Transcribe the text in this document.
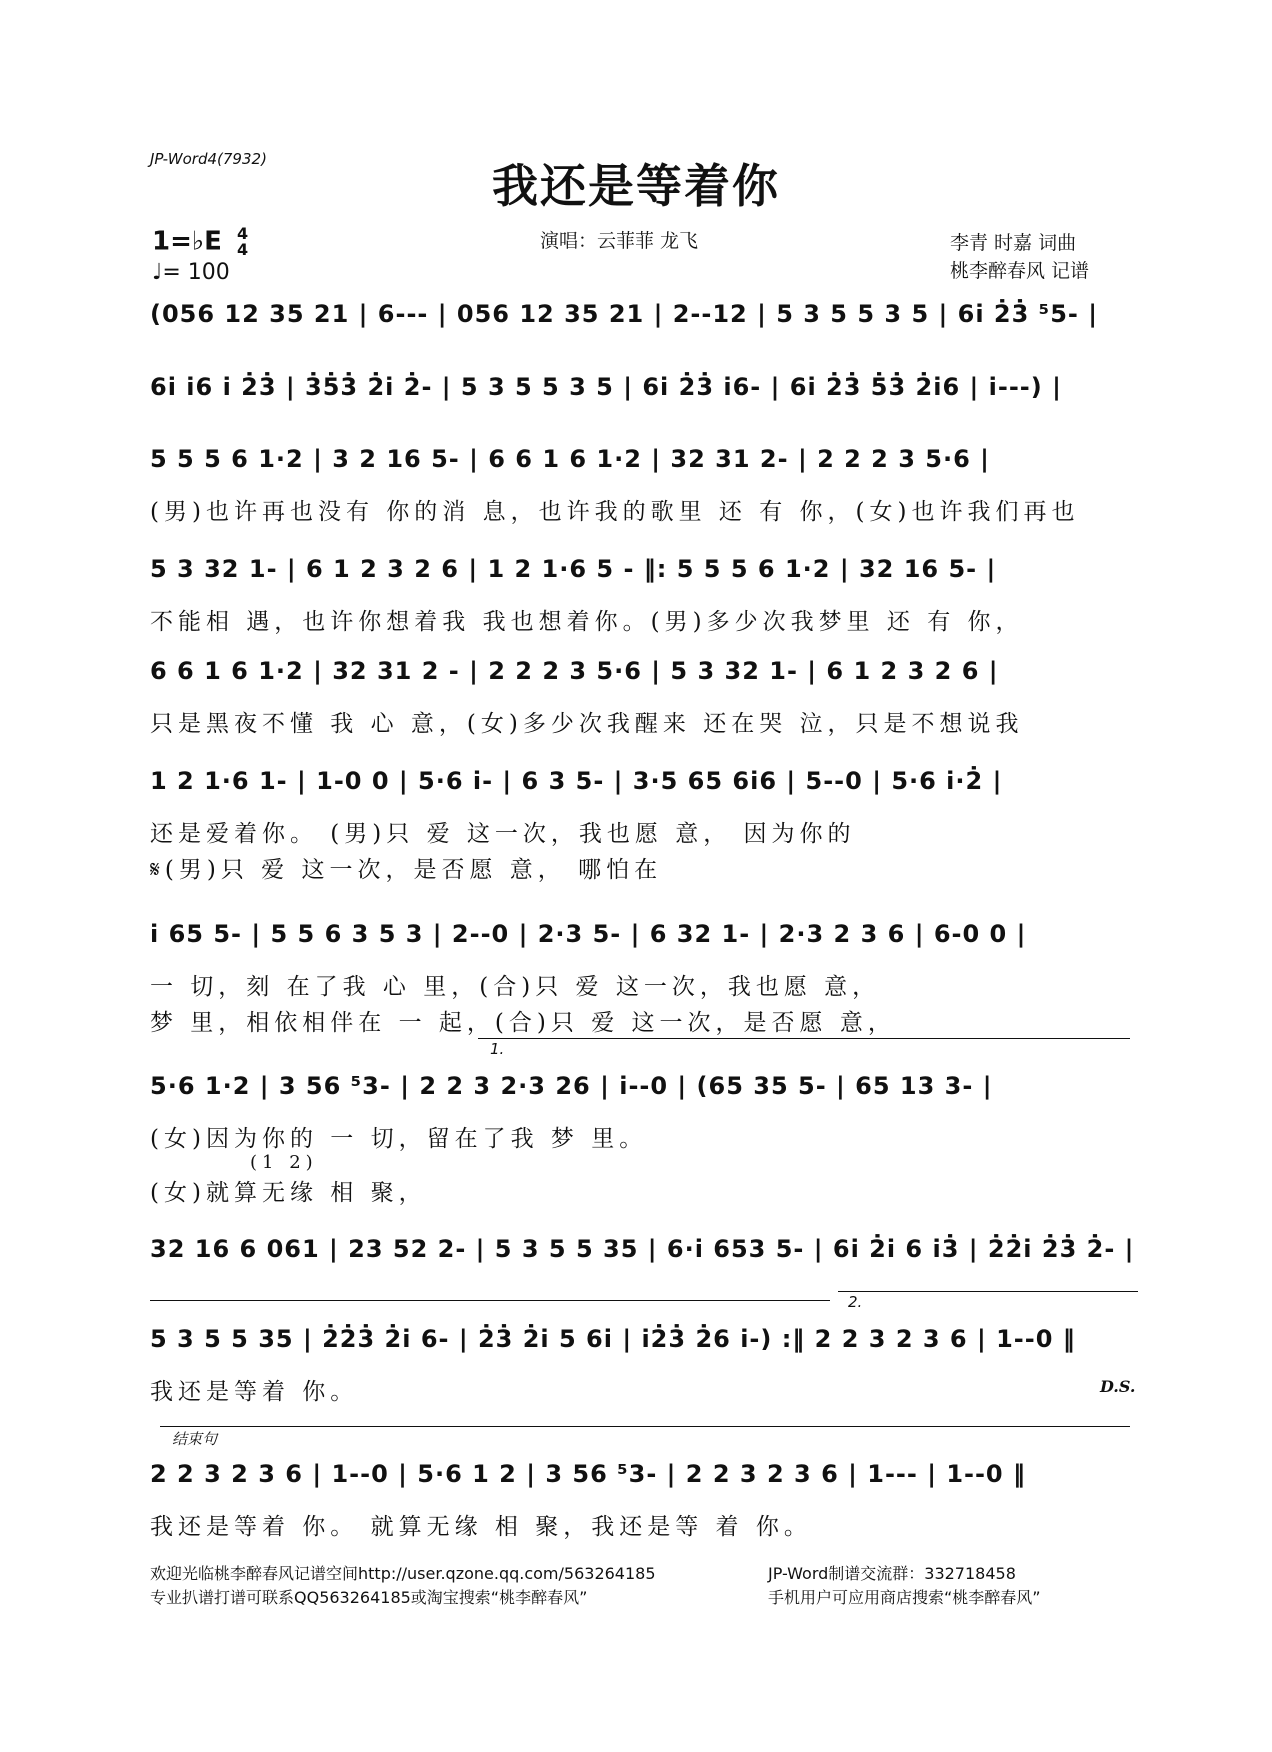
JP-Word4(7932)	我还是等着你
1=♭E 4
4
♩= 100
演唱：云菲菲 龙飞	李青 时嘉 词曲
桃李醉春风 记谱
(056 12 35 21 | 6--- | 056 12 35 21 | 2--12 | 5 3 5 5 3 5 | 6i 2̇3̇ ⁵5- |
6i i6 i 2̇3̇ | 3̇5̇3̇ 2̇i 2̇- | 5 3 5 5 3 5 | 6i 2̇3̇ i6- | 6i 2̇3̇ 5̇3̇ 2̇i6 | i---) |
5 5 5 6 1·2 | 3 2 16 5- | 6 6 1 6 1·2 | 32 31 2- | 2 2 2 3 5·6 |
(男)也许再也没有 你的消 息，也许我的歌里 还 有 你，(女)也许我们再也
5 3 32 1- | 6 1 2 3 2 6 | 1 2 1·6 5 - ‖: 5 5 5 6 1·2 | 32 16 5- |
不能相 遇，也许你想着我 我也想着你。(男)多少次我梦里 还 有 你，
6 6 1 6 1·2 | 32 31 2 - | 2 2 2 3 5·6 | 5 3 32 1- | 6 1 2 3 2 6 |
只是黑夜不懂 我 心 意，(女)多少次我醒来 还在哭 泣，只是不想说我
1 2 1·6 1- | 1-0 0 | 5·6 i- | 6 3 5- | 3·5 65 6i6 | 5--0 | 5·6 i·2̇ |
还是爱着你。 (男)只 爱 这一次，我也愿 意， 因为你的
𝄋(男)只 爱 这一次，是否愿 意， 哪怕在
i 65 5- | 5 5 6 3 5 3 | 2--0 | 2·3 5- | 6 32 1- | 2·3 2 3 6 | 6-0 0 |
一 切，刻 在了我 心 里，(合)只 爱 这一次，我也愿 意，
梦 里，相依相伴在 一 起，(合)只 爱 这一次，是否愿 意，
5·6 1·2 | 3 56 ⁵3- | 2 2 3 2·3 26 | i--0 | (65 35 5- | 65 13 3- |
1.
(1 2)
(女)因为你的 一 切，留在了我 梦 里。
(女)就算无缘 相 聚，
32 16 6 061 | 23 52 2- | 5 3 5 5 35 | 6·i 653 5- | 6i 2̇i 6 i3̇ | 2̇2̇i 2̇3̇ 2̇- |
5 3 5 5 35 | 2̇2̇3̇ 2̇i 6- | 2̇3̇ 2̇i 5 6i | i2̇3̇ 2̇6 i-) :‖ 2 2 3 2 3 6 | 1--0 ‖
2.
我还是等着 你。	D.S.
2 2 3 2 3 6 | 1--0 | 5·6 1 2 | 3 56 ⁵3- | 2 2 3 2 3 6 | 1--- | 1--0 ‖
结束句
我还是等着 你。 就算无缘 相 聚，我还是等 着 你。
欢迎光临桃李醉春风记谱空间http://user.qzone.qq.com/563264185	JP-Word制谱交流群：332718458
专业扒谱打谱可联系QQ563264185或淘宝搜索“桃李醉春风”	手机用户可应用商店搜索“桃李醉春风”
